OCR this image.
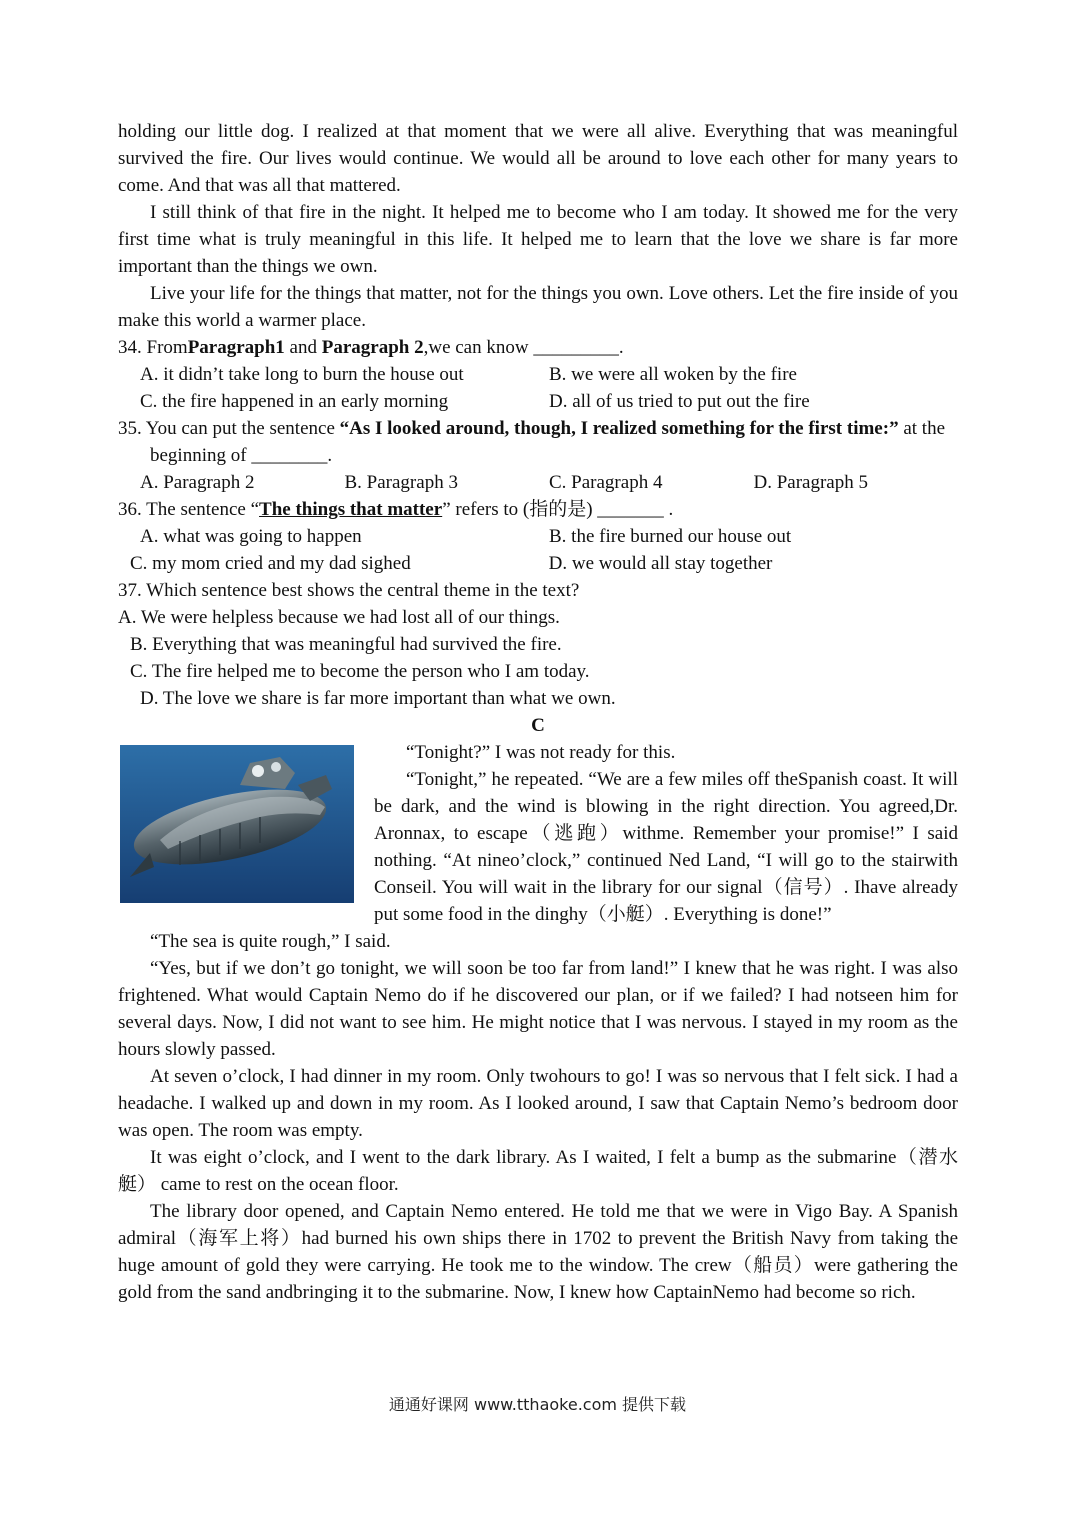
holding our little dog. I realized at that moment that we were all alive. Everything that was meaningful survived the fire. Our lives would continue. We would all be around to love each other for many years to come. And that was all that mattered.

I still think of that fire in the night. It helped me to become who I am today. It showed me for the very first time what is truly meaningful in this life. It helped me to learn that the love we share is far more important than the things we own.

Live your life for the things that matter, not for the things you own. Love others. Let the fire inside of you make this world a warmer place.

34. FromParagraph1 and Paragraph 2,we can know _________.

A. it didn’t take long to burn the house out	B. we were all woken by the fire
C. the fire happened in an early morning	D. all of us tried to put out the fire

35. You can put the sentence “As I looked around, though, I realized something for the first time:” at the beginning of ________.

A. Paragraph 2	B. Paragraph 3	C. Paragraph 4	D. Paragraph 5

36. The sentence “The things that matter” refers to (指的是) _______ .

A. what was going to happen	B. the fire burned our house out
C. my mom cried and my dad sighed	D. we would all stay together

37. Which sentence best shows the central theme in the text?

A. We were helpless because we had lost all of our things.

B. Everything that was meaningful had survived the fire.

C. The fire helped me to become the person who I am today.

D. The love we share is far more important than what we own.

C

“Tonight?” I was not ready for this.

“Tonight,” he repeated. “We are a few miles off theSpanish coast. It will be dark, and the wind is blowing in the right direction. You agreed,Dr. Aronnax, to escape（逃跑）withme. Remember your promise!” I said nothing. “At nineo’clock,” continued Ned Land, “I will go to the stairwith Conseil. You will wait in the library for our signal（信号）. Ihave already put some food in the dinghy（小艇）. Everything is done!”

“The sea is quite rough,” I said.

“Yes, but if we don’t go tonight, we will soon be too far from land!” I knew that he was right. I was also frightened. What would Captain Nemo do if he discovered our plan, or if we failed? I had notseen him for several days. Now, I did not want to see him. He might notice that I was nervous. I stayed in my room as the hours slowly passed.

At seven o’clock, I had dinner in my room. Only twohours to go! I was so nervous that I felt sick. I had a headache. I walked up and down in my room. As I looked around, I saw that Captain Nemo’s bedroom door was open. The room was empty.

It was eight o’clock, and I went to the dark library. As I waited, I felt a bump as the submarine（潜水艇） came to rest on the ocean floor.

The library door opened, and Captain Nemo entered. He told me that we were in Vigo Bay. A Spanish admiral（海军上将）had burned his own ships there in 1702 to prevent the British Navy from taking the huge amount of gold they were carrying. He took me to the window. The crew（船员）were gathering the gold from the sand andbringing it to the submarine. Now, I knew how CaptainNemo had become so rich.

通通好课网 www.tthaoke.com 提供下载
